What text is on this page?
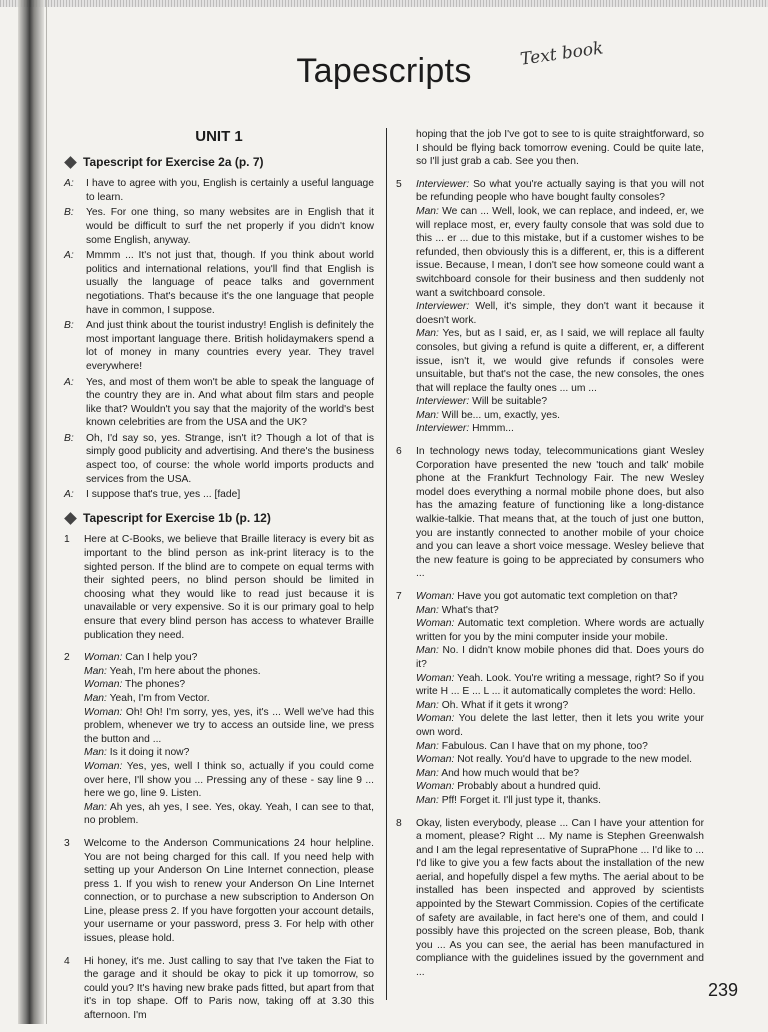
Tapescripts	Text book
UNIT 1
Tapescript for Exercise 2a (p. 7)
A:	I have to agree with you, English is certainly a useful language to learn.
B:	Yes. For one thing, so many websites are in English that it would be difficult to surf the net properly if you didn't know some English, anyway.
A:	Mmmm ... It's not just that, though. If you think about world politics and international relations, you'll find that English is usually the language of peace talks and government negotiations. That's because it's the one language that people have in common, I suppose.
B:	And just think about the tourist industry! English is definitely the most important language there. British holidaymakers spend a lot of money in many countries every year. They travel everywhere!
A:	Yes, and most of them won't be able to speak the language of the country they are in. And what about film stars and people like that? Wouldn't you say that the majority of the world's best known celebrities are from the USA and the UK?
B:	Oh, I'd say so, yes. Strange, isn't it? Though a lot of that is simply good publicity and advertising. And there's the business aspect too, of course: the whole world imports products and services from the USA.
A:	I suppose that's true, yes ... [fade]
Tapescript for Exercise 1b (p. 12)
1	Here at C-Books, we believe that Braille literacy is every bit as important to the blind person as ink-print literacy is to the sighted person. If the blind are to compete on equal terms with their sighted peers, no blind person should be limited in choosing what they would like to read just because it is unavailable or very expensive. So it is our primary goal to help ensure that every blind person has access to whatever Braille publication they need.

2	Woman: Can I help you?

Man: Yeah, I'm here about the phones.

Woman: The phones?

Man: Yeah, I'm from Vector.

Woman: Oh! Oh! I'm sorry, yes, yes, it's ... Well we've had this problem, whenever we try to access an outside line, we press the button and ...

Man: Is it doing it now?

Woman: Yes, yes, well I think so, actually if you could come over here, I'll show you ... Pressing any of these - say line 9 ... here we go, line 9. Listen.

Man: Ah yes, ah yes, I see. Yes, okay. Yeah, I can see to that, no problem.

3	Welcome to the Anderson Communications 24 hour helpline. You are not being charged for this call. If you need help with setting up your Anderson On Line Internet connection, please press 1. If you wish to renew your Anderson On Line Internet connection, or to purchase a new subscription to Anderson On Line, please press 2. If you have forgotten your account details, your username or your password, press 3. For help with other issues, please hold.

4	Hi honey, it's me. Just calling to say that I've taken the Fiat to the garage and it should be okay to pick it up tomorrow, so could you? It's having new brake pads fitted, but apart from that it's in top shape. Off to Paris now, taking off at 3.30 this afternoon. I'm

hoping that the job I've got to see to is quite straightforward, so I should be flying back tomorrow evening. Could be quite late, so I'll just grab a cab. See you then.
5	Interviewer: So what you're actually saying is that you will not be refunding people who have bought faulty consoles?

Man: We can ... Well, look, we can replace, and indeed, er, we will replace most, er, every faulty console that was sold due to this ... er ... due to this mistake, but if a customer wishes to be refunded, then obviously this is a different, er, this is a different issue. Because, I mean, I don't see how someone could want a switchboard console for their business and then suddenly not want a switchboard console.

Interviewer: Well, it's simple, they don't want it because it doesn't work.

Man: Yes, but as I said, er, as I said, we will replace all faulty consoles, but giving a refund is quite a different, er, a different issue, isn't it, we would give refunds if consoles were unsuitable, but that's not the case, the new consoles, the ones that will replace the faulty ones ... um ...

Interviewer: Will be suitable?

Man: Will be... um, exactly, yes.

Interviewer: Hmmm...

6	In technology news today, telecommunications giant Wesley Corporation have presented the new 'touch and talk' mobile phone at the Frankfurt Technology Fair. The new Wesley model does everything a normal mobile phone does, but also has the amazing feature of functioning like a long-distance walkie-talkie. That means that, at the touch of just one button, you are instantly connected to another mobile of your choice and you can leave a short voice message. Wesley believe that the new feature is going to be appreciated by consumers who ...

7	Woman: Have you got automatic text completion on that?

Man: What's that?

Woman: Automatic text completion. Where words are actually written for you by the mini computer inside your mobile.

Man: No. I didn't know mobile phones did that. Does yours do it?

Woman: Yeah. Look. You're writing a message, right? So if you write H ... E ... L ... it automatically completes the word: Hello.

Man: Oh. What if it gets it wrong?

Woman: You delete the last letter, then it lets you write your own word.

Man: Fabulous. Can I have that on my phone, too?

Woman: Not really. You'd have to upgrade to the new model.

Man: And how much would that be?

Woman: Probably about a hundred quid.

Man: Pff! Forget it. I'll just type it, thanks.

8	Okay, listen everybody, please ... Can I have your attention for a moment, please? Right ... My name is Stephen Greenwalsh and I am the legal representative of SupraPhone ... I'd like to ... I'd like to give you a few facts about the installation of the new aerial, and hopefully dispel a few myths. The aerial about to be installed has been inspected and approved by scientists appointed by the Stewart Commission. Copies of the certificate of safety are available, in fact here's one of them, and could I possibly have this projected on the screen please, Bob, thank you ... As you can see, the aerial has been manufactured in compliance with the guidelines issued by the government and ...

239
